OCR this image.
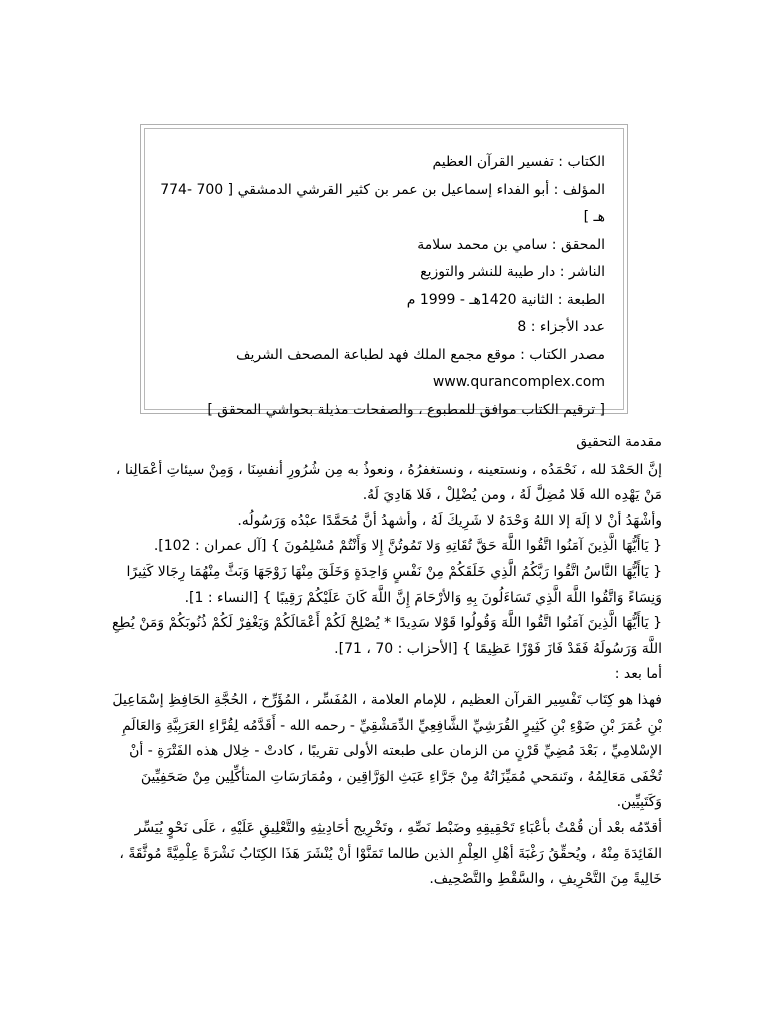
الكتاب : تفسير القرآن العظيم
المؤلف : أبو الفداء إسماعيل بن عمر بن كثير القرشي الدمشقي [ 700 -774 هـ ]
المحقق : سامي بن محمد سلامة
الناشر : دار طيبة للنشر والتوزيع
الطبعة : الثانية 1420هـ - 1999 م
عدد الأجزاء : 8
مصدر الكتاب : موقع مجمع الملك فهد لطباعة المصحف الشريف
www.qurancomplex.com
[ ترقيم الكتاب موافق للمطبوع ، والصفحات مذيلة بحواشي المحقق ]
مقدمة التحقيق

إنَّ الحَمْدَ لله ، نَحْمَدُه ، ونستعينه ، ونستغفرُهُ ، ونعوذُ به مِن شُرُورِ أنفسِنَا ، وَمِنْ سيئاتِ أعْمَالِنا ، مَنْ يَهْدِه الله فَلا مُضِلَّ لَهُ ، ومن يُضْلِلْ ، فَلا هَادِيَ لَهُ.

وأشْهَدُ أنْ لا إلَهَ إلا اللهُ وَحْدَهُ لا شَرِيكَ لَهُ ، وأشهدُ أنَّ مُحَمَّدًا عبْدُه وَرَسُولُه.

{ يَاأَيُّهَا الَّذِينَ آمَنُوا اتَّقُوا اللَّهَ حَقَّ تُقَاتِهِ وَلا تَمُوتُنَّ إِلا وَأَنْتُمْ مُسْلِمُونَ } [آل عمران : 102].

{ يَاأَيُّهَا النَّاسُ اتَّقُوا رَبَّكُمُ الَّذِي خَلَقَكُمْ مِنْ نَفْسٍ وَاحِدَةٍ وَخَلَقَ مِنْهَا زَوْجَهَا وَبَثَّ مِنْهُمَا رِجَالا كَثِيرًا وَنِسَاءً وَاتَّقُوا اللَّهَ الَّذِي تَسَاءَلُونَ بِهِ وَالأرْحَامَ إِنَّ اللَّهَ كَانَ عَلَيْكُمْ رَقِيبًا } [النساء : 1].

{ يَاأَيُّهَا الَّذِينَ آمَنُوا اتَّقُوا اللَّهَ وَقُولُوا قَوْلا سَدِيدًا * يُصْلِحْ لَكُمْ أَعْمَالَكُمْ وَيَغْفِرْ لَكُمْ ذُنُوبَكُمْ وَمَنْ يُطِعِ اللَّهَ وَرَسُولَهُ فَقَدْ فَازَ فَوْزًا عَظِيمًا } [الأحزاب : 70 ، 71].

أما بعد :

فهذا هو كِتَاب تَفْسِير القرآن العظيم ، للإمام العلامة ، المُفَسِّر ، المُؤَرِّخ ، الحُجَّةِ الحَافِظِ إسْمَاعِيلَ بْنِ عُمَرَ بْنِ ضَوْءِ بْنِ كَثِيرٍ القُرَشِيِّ الشَّافِعِيِّ الدِّمَشْقِيِّ - رحمه الله - أَقَدَّمُه لِقُرَّاءِ العَرَبِيَّةِ وَالعَالَمِ الإسْلامِيِّ ، بَعْدَ مُضِيِّ قَرْنٍ من الزمان على طبعته الأولى تقريبًا ، كادتْ - خِلال هذه الفَتْرَةِ - أنْ تُخْفَى مَعَالِمُهُ ، وتَنمَحي مُمَيِّزَاتُهُ مِنْ جَرَّاءِ عَبَثِ الوَرَّاقِين ، ومُمَارَسَاتِ المتأكِّلِين مِنْ صَحَفِيِّينَ وَكَتَبِيِّين.

أقدّمُه بعْد أن قُمْتُ بأعْبَاءِ تَحْقِيقِهِ وضَبْط نَصِّهِ ، وتَخْرِيج أحَادِيثِهِ والتَّعْلِيقِ عَلَيْهِ ، عَلَى نَحْوٍ يُيَسِّر الفَائِدَةَ مِنْهُ ، ويُحقِّقُ رَغْبَةَ أهْلِ العِلْمِ الذين طالما تَمَنَّوْا أنْ يُنْشَرَ هَذَا الكِتَابُ نَشْرَةً عِلْمِيَّةً مُوثَّقَةً ، خَالِيةً مِنَ التَّحْرِيفِ ، والسَّقْطِ والتَّصْحِيف.
